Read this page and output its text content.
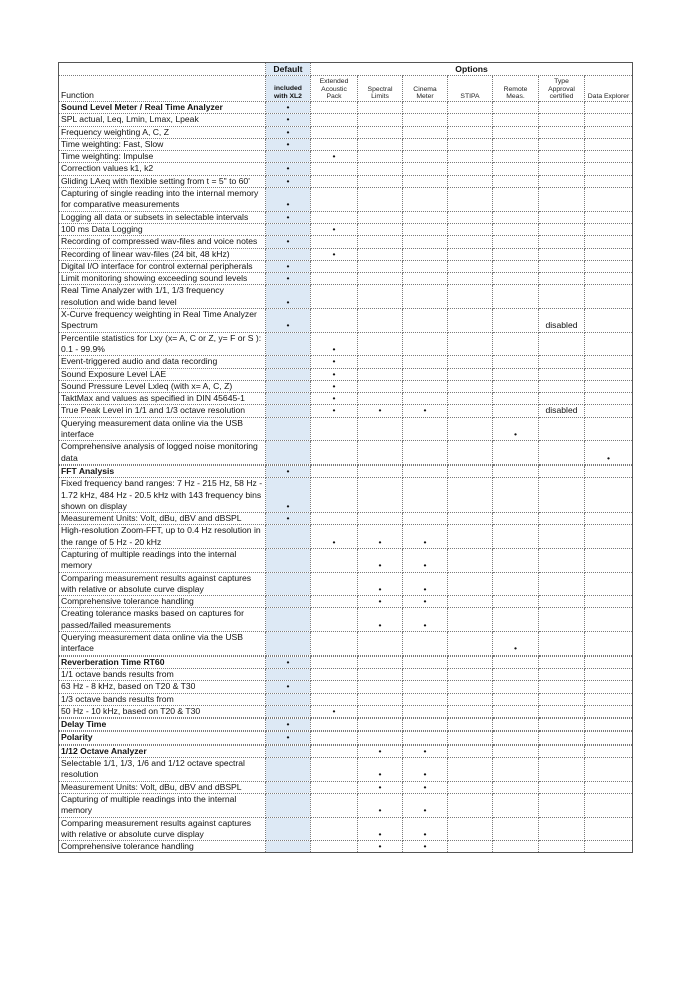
	Default	Options						
Function	included with XL2	Extended Acoustic Pack	Spectral Limits	Cinema Meter	STIPA	Remote Meas.	Type Approval certified	Data Explorer
Sound Level Meter / Real Time Analyzer	•							
SPL actual, Leq, Lmin, Lmax, Lpeak	•							
Frequency weighting A, C, Z	•							
Time weighting: Fast, Slow	•							
Time weighting: Impulse		•						
Correction values k1, k2	•							
Gliding LAeq with flexible setting from t = 5" to 60'	•							
Capturing of single reading into the internal memory for comparative measurements	•							
Logging all data or subsets in selectable intervals	•							
100 ms Data Logging		•						
Recording of compressed wav-files and voice notes	•							
Recording of linear wav-files (24 bit, 48 kHz)		•						
Digital I/O interface for control external peripherals	•							
Limit monitoring showing exceeding sound levels	•							
Real Time Analyzer with 1/1, 1/3 frequency resolution and wide band level	•							
X-Curve frequency weighting in Real Time Analyzer Spectrum	•						disabled	
Percentile statistics for Lxy (x= A, C or Z, y= F or S ): 0.1 - 99.9%		•						
Event-triggered audio and data recording		•						
Sound Exposure Level LAE		•						
Sound Pressure Level Lxleq (with x= A, C, Z)		•						
TaktMax and values as specified in DIN 45645-1		•						
True Peak Level in 1/1 and 1/3 octave resolution		•	•	•			disabled	
Querying measurement data online via the USB interface						•		
Comprehensive analysis of logged noise monitoring data								•

FFT Analysis	•							
Fixed frequency band ranges: 7 Hz - 215 Hz, 58 Hz - 1.72 kHz, 484 Hz - 20.5 kHz with 143 frequency bins shown on display	•							
Measurement Units: Volt, dBu, dBV and dBSPL	•							
High-resolution Zoom-FFT, up to 0.4 Hz resolution in the range of 5 Hz - 20 kHz		•	•	•				
Capturing of multiple readings into the internal memory			•	•				
Comparing measurement results against captures with relative or absolute curve display			•	•				
Comprehensive tolerance handling			•	•				
Creating tolerance masks based on captures for passed/failed measurements			•	•				
Querying measurement data online via the USB interface						•		

Reverberation Time RT60	•							
1/1 octave bands results from								
63 Hz - 8 kHz, based on T20 & T30	•							
1/3 octave bands results from								
50 Hz - 10 kHz, based on T20 & T30		•						

Delay Time	•							

Polarity	•							

1/12 Octave Analyzer			•	•				
Selectable 1/1, 1/3, 1/6 and 1/12 octave spectral resolution			•	•				
Measurement Units: Volt, dBu, dBV and dBSPL			•	•				
Capturing of multiple readings into the internal memory			•	•				
Comparing measurement results against captures with relative or absolute curve display			•	•				
Comprehensive tolerance handling			•	•				
